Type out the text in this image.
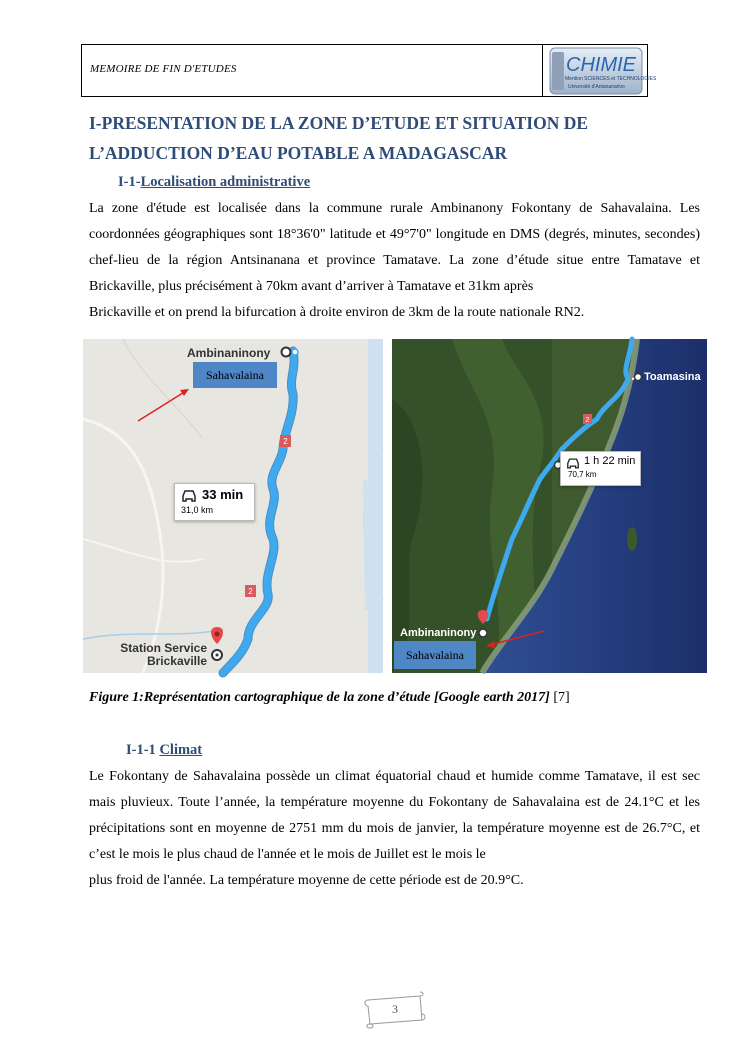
MEMOIRE DE FIN D'ETUDES	CHIMIE
Mention SCIENCES et TECHNOLOGIES
Université d'Antananarivo
I-PRESENTATION DE LA ZONE D’ETUDE ET SITUATION DE
L’ADDUCTION D’EAU POTABLE A MADAGASCAR
I-1-Localisation administrative
La zone d'étude est localisée dans la commune rurale Ambinanony Fokontany de Sahavalaina. Les coordonnées géographiques sont 18°36'0" latitude et 49°7'0" longitude en DMS (degrés, minutes, secondes) chef-lieu de la région Antsinanana et province Tamatave. La zone d’étude situe entre Tamatave et Brickaville, plus précisément à 70km avant d’arriver à Tamatave et 31km après
Brickaville et on prend la bifurcation à droite environ de 3km de la route nationale RN2.
2
2
Ambinaninony
Sahavalaina
33 min
31,0 km
Station Service
Brickaville
2
Toamasina
1 h 22 min
70,7 km
Ambinaninony
Sahavalaina
Figure 1:Représentation cartographique de la zone d’étude [Google earth 2017] [7]
I-1-1 Climat
Le Fokontany de Sahavalaina possède un climat équatorial chaud et humide comme Tamatave, il est sec mais pluvieux. Toute l’année, la température moyenne du Fokontany de Sahavalaina est de 24.1°C et les précipitations sont en moyenne de 2751 mm du mois de janvier, la température moyenne est de 26.7°C, et c’est le mois le plus chaud de l'année et le mois de Juillet est le mois le
plus froid de l'année. La température moyenne de cette période est de 20.9°C.
3
